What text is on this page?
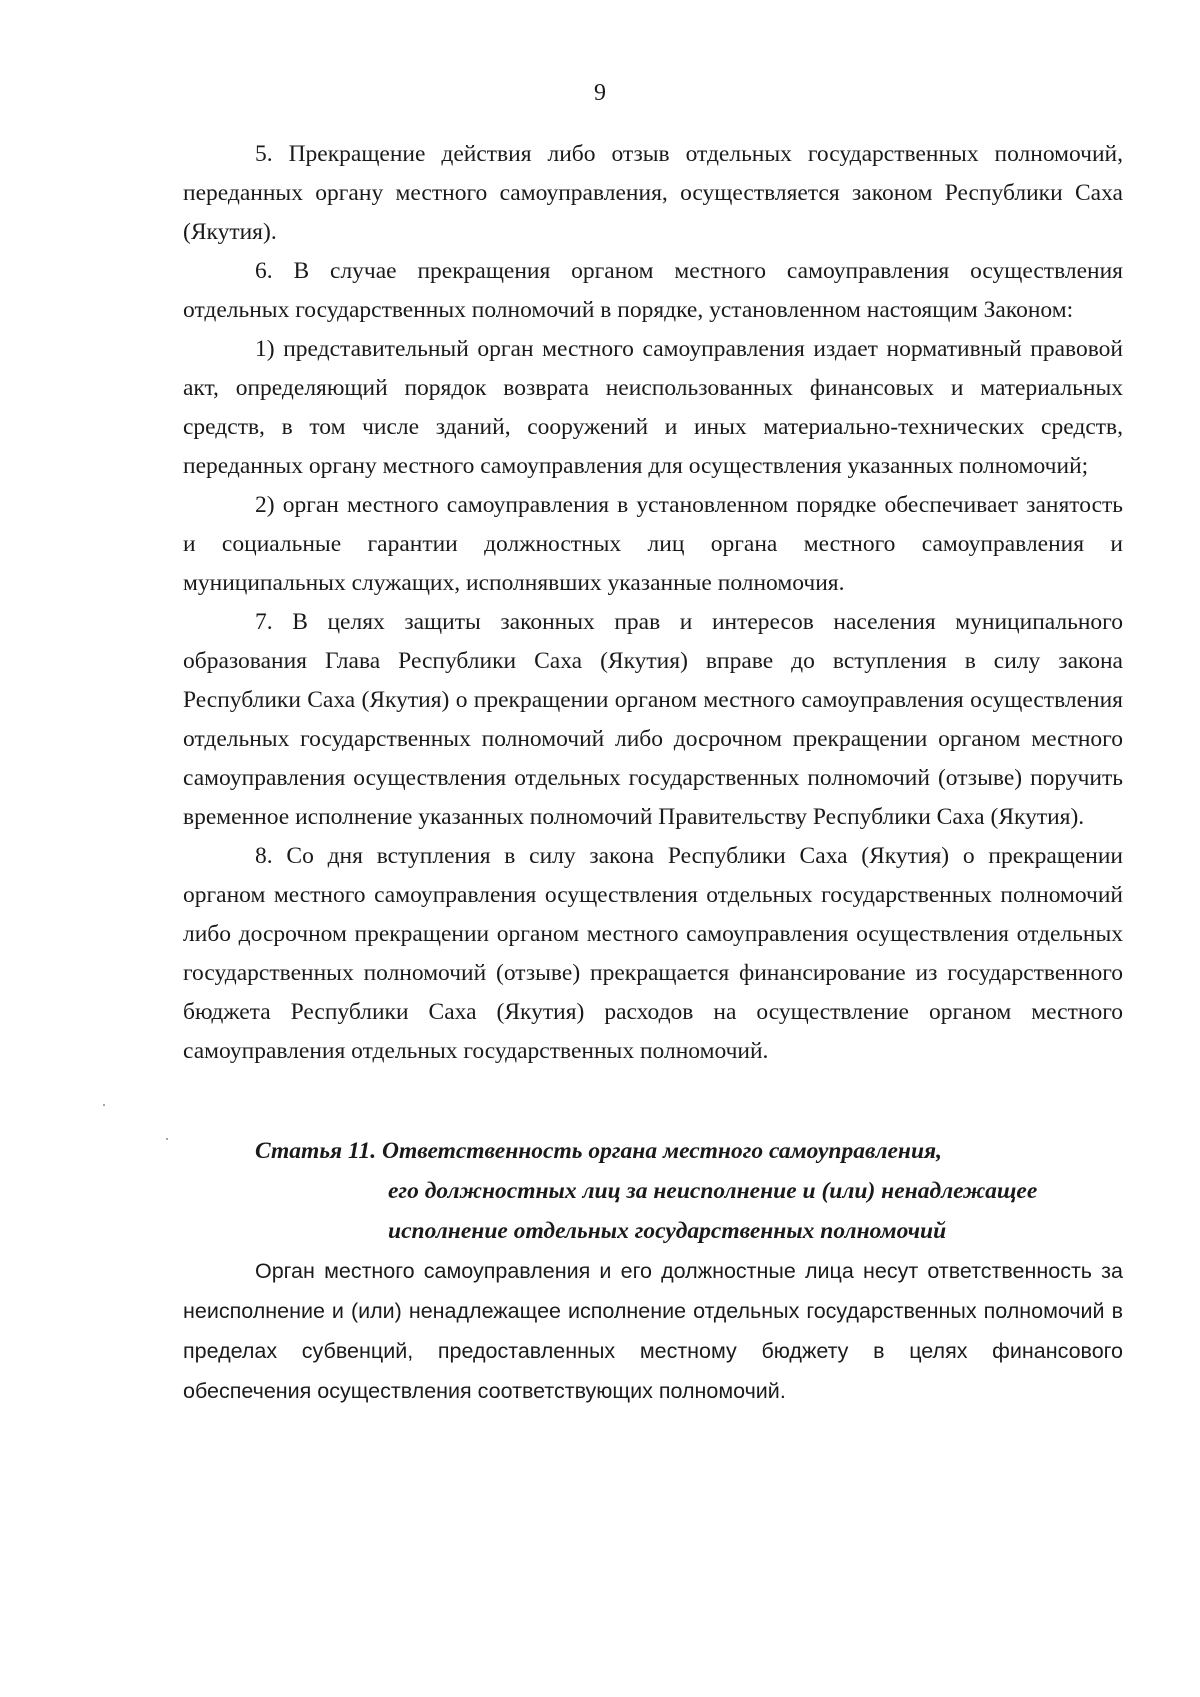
9

5. Прекращение действия либо отзыв отдельных государственных полномочий, переданных органу местного самоуправления, осуществляется законом Республики Саха (Якутия).

6. В случае прекращения органом местного самоуправления осуществления отдельных государственных полномочий в порядке, установленном настоящим Законом:

1) представительный орган местного самоуправления издает нормативный правовой акт, определяющий порядок возврата неиспользованных финансовых и материальных средств, в том числе зданий, сооружений и иных материально-технических средств, переданных органу местного самоуправления для осуществления указанных полномочий;

2) орган местного самоуправления в установленном порядке обеспечивает занятость и социальные гарантии должностных лиц органа местного самоуправления и муниципальных служащих, исполнявших указанные полномочия.

7. В целях защиты законных прав и интересов населения муниципального образования Глава Республики Саха (Якутия) вправе до вступления в силу закона Республики Саха (Якутия) о прекращении органом местного самоуправления осуществления отдельных государственных полномочий либо досрочном прекращении органом местного самоуправления осуществления отдельных государственных полномочий (отзыве) поручить временное исполнение указанных полномочий Правительству Республики Саха (Якутия).

8. Со дня вступления в силу закона Республики Саха (Якутия) о прекращении органом местного самоуправления осуществления отдельных государственных полномочий либо досрочном прекращении органом местного самоуправления осуществления отдельных государственных полномочий (отзыве) прекращается финансирование из государственного бюджета Республики Саха (Якутия) расходов на осуществление органом местного самоуправления отдельных государственных полномочий.

Статья 11. Ответственность органа местного самоуправления,
его должностных лиц за неисполнение и (или) ненадлежащее
исполнение отдельных государственных полномочий

Орган местного самоуправления и его должностные лица несут ответственность за неисполнение и (или) ненадлежащее исполнение отдельных государственных полномочий в пределах субвенций, предоставленных местному бюджету в целях финансового обеспечения осуществления соответствующих полномочий.
